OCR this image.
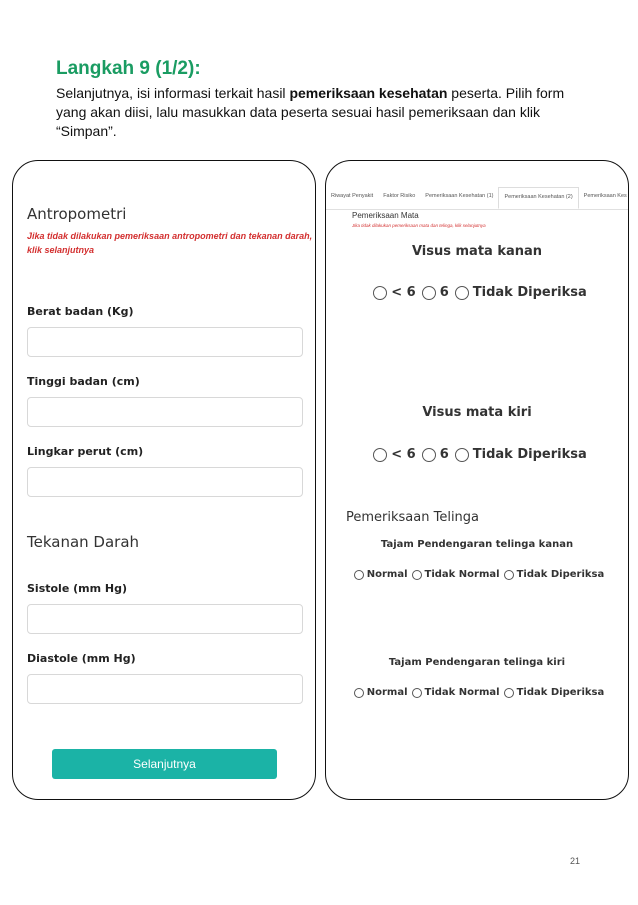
Langkah 9 (1/2):
Selanjutnya, isi informasi terkait hasil pemeriksaan kesehatan peserta. Pilih form yang akan diisi, lalu masukkan data peserta sesuai hasil pemeriksaan dan klik “Simpan”.
Antropometri
Jika tidak dilakukan pemeriksaan antropometri dan tekanan darah, klik selanjutnya
Berat badan (Kg)
Tinggi badan (cm)
Lingkar perut (cm)
Tekanan Darah
Sistole (mm Hg)
Diastole (mm Hg)
Selanjutnya
Riwayat Penyakit	Faktor Risiko	Pemeriksaan Kesehatan (1)	Pemeriksaan Kesehatan (2)	Pemeriksaan Kes
Pemeriksaan Mata
Jika tidak dilakukan pemeriksaan mata dan telinga, klik selanjutnya
Visus mata kanan
< 6 6 Tidak Diperiksa
Visus mata kiri
< 6 6 Tidak Diperiksa
Pemeriksaan Telinga
Tajam Pendengaran telinga kanan
Normal Tidak Normal Tidak Diperiksa
Tajam Pendengaran telinga kiri
Normal Tidak Normal Tidak Diperiksa
21
